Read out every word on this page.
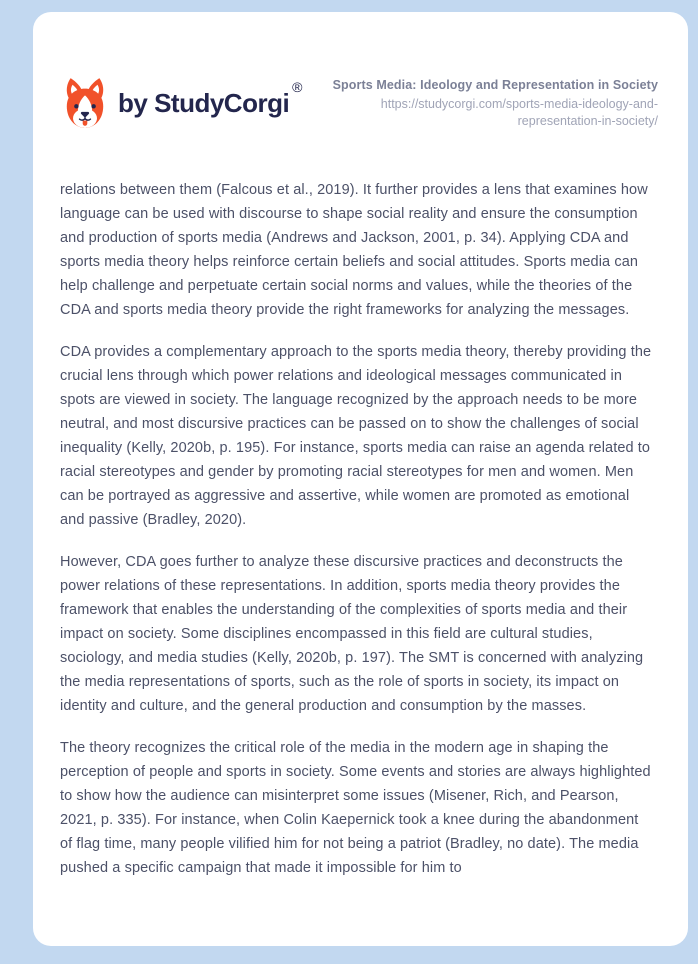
by StudyCorgi
®	Sports Media: Ideology and Representation in Society
https://studycorgi.com/sports-media-ideology-and-representation-in-society/

relations between them (Falcous et al., 2019). It further provides a lens that examines how language can be used with discourse to shape social reality and ensure the consumption and production of sports media (Andrews and Jackson, 2001, p. 34). Applying CDA and sports media theory helps reinforce certain beliefs and social attitudes. Sports media can help challenge and perpetuate certain social norms and values, while the theories of the CDA and sports media theory provide the right frameworks for analyzing the messages.

CDA provides a complementary approach to the sports media theory, thereby providing the crucial lens through which power relations and ideological messages communicated in spots are viewed in society. The language recognized by the approach needs to be more neutral, and most discursive practices can be passed on to show the challenges of social inequality (Kelly, 2020b, p. 195). For instance, sports media can raise an agenda related to racial stereotypes and gender by promoting racial stereotypes for men and women. Men can be portrayed as aggressive and assertive, while women are promoted as emotional and passive (Bradley, 2020).

However, CDA goes further to analyze these discursive practices and deconstructs the power relations of these representations. In addition, sports media theory provides the framework that enables the understanding of the complexities of sports media and their impact on society. Some disciplines encompassed in this field are cultural studies, sociology, and media studies (Kelly, 2020b, p. 197). The SMT is concerned with analyzing the media representations of sports, such as the role of sports in society, its impact on identity and culture, and the general production and consumption by the masses.

The theory recognizes the critical role of the media in the modern age in shaping the perception of people and sports in society. Some events and stories are always highlighted to show how the audience can misinterpret some issues (Misener, Rich, and Pearson, 2021, p. 335). For instance, when Colin Kaepernick took a knee during the abandonment of flag time, many people vilified him for not being a patriot (Bradley, no date). The media pushed a specific campaign that made it impossible for him to
